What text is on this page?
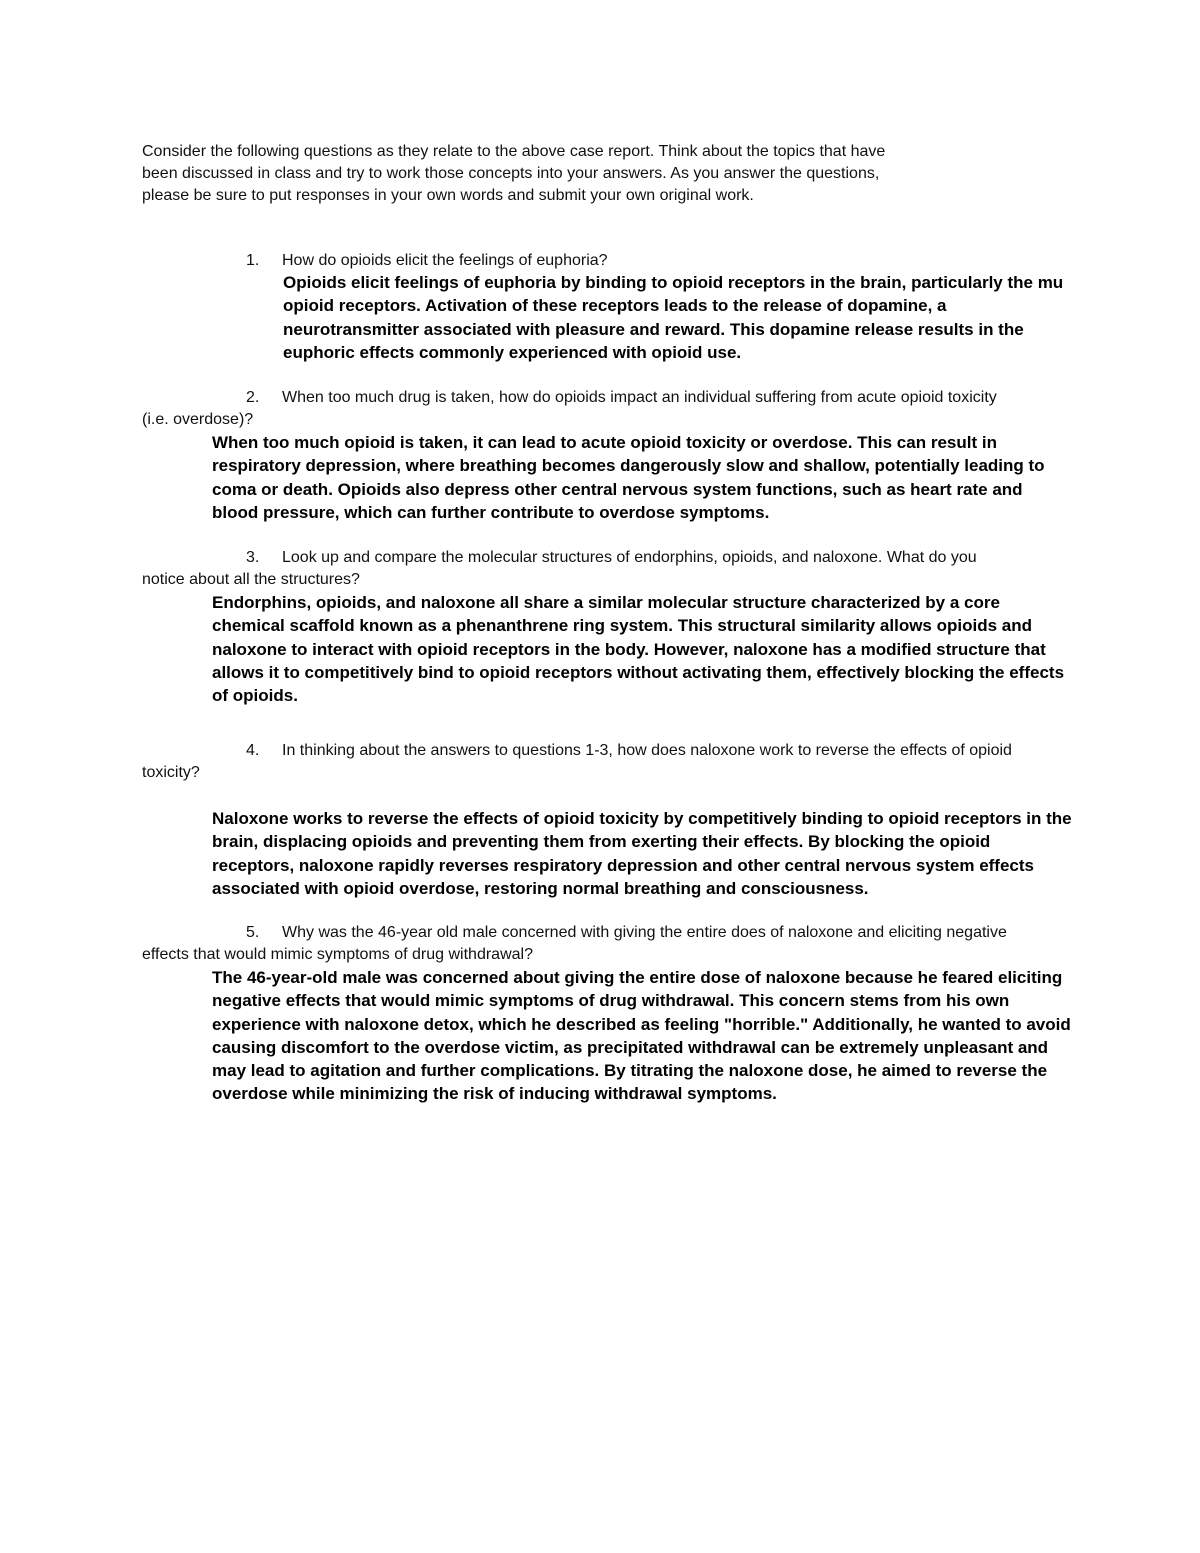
Consider the following questions as they relate to the above case report. Think about the topics that have been discussed in class and try to work those concepts into your answers. As you answer the questions, please be sure to put responses in your own words and submit your own original work.
1. How do opioids elicit the feelings of euphoria?
Opioids elicit feelings of euphoria by binding to opioid receptors in the brain, particularly the mu opioid receptors. Activation of these receptors leads to the release of dopamine, a neurotransmitter associated with pleasure and reward. This dopamine release results in the euphoric effects commonly experienced with opioid use.
2. When too much drug is taken, how do opioids impact an individual suffering from acute opioid toxicity (i.e. overdose)?
When too much opioid is taken, it can lead to acute opioid toxicity or overdose. This can result in respiratory depression, where breathing becomes dangerously slow and shallow, potentially leading to coma or death. Opioids also depress other central nervous system functions, such as heart rate and blood pressure, which can further contribute to overdose symptoms.
3. Look up and compare the molecular structures of endorphins, opioids, and naloxone. What do you notice about all the structures?
Endorphins, opioids, and naloxone all share a similar molecular structure characterized by a core chemical scaffold known as a phenanthrene ring system. This structural similarity allows opioids and naloxone to interact with opioid receptors in the body. However, naloxone has a modified structure that allows it to competitively bind to opioid receptors without activating them, effectively blocking the effects of opioids.
4. In thinking about the answers to questions 1-3, how does naloxone work to reverse the effects of opioid toxicity?
Naloxone works to reverse the effects of opioid toxicity by competitively binding to opioid receptors in the brain, displacing opioids and preventing them from exerting their effects. By blocking the opioid receptors, naloxone rapidly reverses respiratory depression and other central nervous system effects associated with opioid overdose, restoring normal breathing and consciousness.
5. Why was the 46-year old male concerned with giving the entire does of naloxone and eliciting negative effects that would mimic symptoms of drug withdrawal?
The 46-year-old male was concerned about giving the entire dose of naloxone because he feared eliciting negative effects that would mimic symptoms of drug withdrawal. This concern stems from his own experience with naloxone detox, which he described as feeling "horrible." Additionally, he wanted to avoid causing discomfort to the overdose victim, as precipitated withdrawal can be extremely unpleasant and may lead to agitation and further complications. By titrating the naloxone dose, he aimed to reverse the overdose while minimizing the risk of inducing withdrawal symptoms.
